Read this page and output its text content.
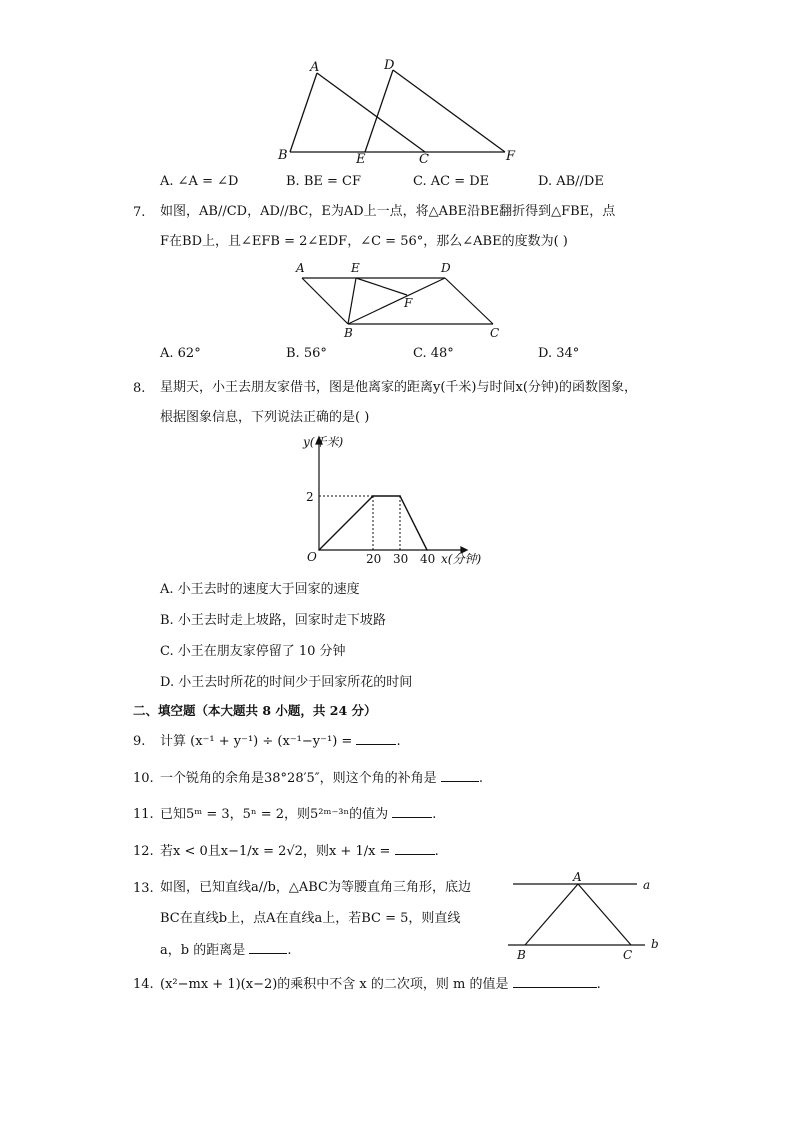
A	D
B	E	C	F
A. ∠A = ∠D	B. BE = CF	C. AC = DE	D. AB//DE
7. 如图，AB//CD，AD//BC，E为AD上一点，将△ABE沿BE翻折得到△FBE，点
F在BD上，且∠EFB = 2∠EDF，∠C = 56°，那么∠ABE的度数为( )
A	E	D
F
B	C
A. 62°	B. 56°	C. 48°	D. 34°
8. 星期天，小王去朋友家借书，图是他离家的距离y(千米)与时间x(分钟)的函数图象，
根据图象信息，下列说法正确的是( )
20 30 40
2
y(千米)
x(分钟)
O
A. 小王去时的速度大于回家的速度
B. 小王去时走上坡路，回家时走下坡路
C. 小王在朋友家停留了 10 分钟
D. 小王去时所花的时间少于回家所花的时间
二、填空题（本大题共 8 小题，共 24 分）
9. 计算 (x⁻¹ + y⁻¹) ÷ (x⁻¹−y⁻¹) =	.
10. 一个锐角的余角是38°28′5″，则这个角的补角是	.
11. 已知5ᵐ = 3，5ⁿ = 2，则5²ᵐ⁻³ⁿ的值为	.
12. 若x < 0且x−1/x = 2√2，则x + 1/x =	.
13. 如图，已知直线a//b，△ABC为等腰直角三角形，底边
BC在直线b上，点A在直线a上，若BC = 5，则直线
a，b 的距离是	.
A
a
B	C
b
14. (x²−mx + 1)(x−2)的乘积中不含 x 的二次项，则 m 的值是	.
